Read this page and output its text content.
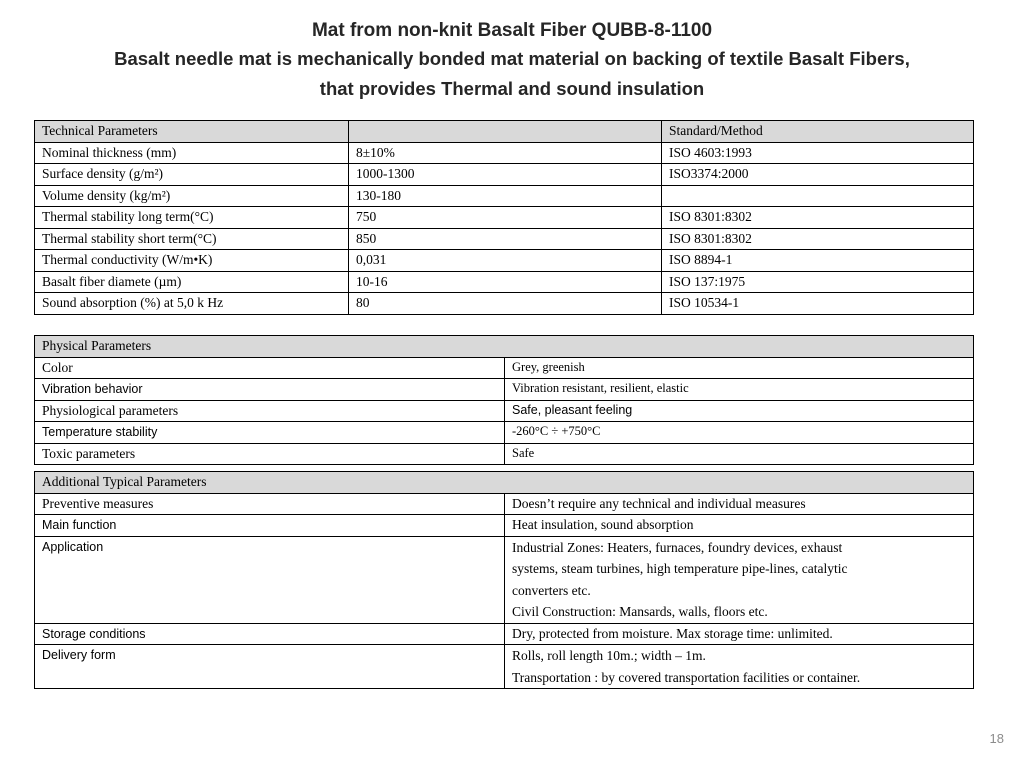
Mat from non-knit Basalt Fiber QUBB-8-1100
Basalt needle mat is mechanically bonded mat material on backing of textile Basalt Fibers,
that provides Thermal and sound insulation
Technical Parameters		Standard/Method
Nominal thickness (mm)	8±10%	ISO 4603:1993
Surface density (g/m²)	1000-1300	ISO3374:2000
Volume density (kg/m²)	130-180	
Thermal stability long term(°C)	750	ISO 8301:8302
Thermal stability short term(°C)	850	ISO 8301:8302
Thermal conductivity (W/m•K)	0,031	ISO 8894-1
Basalt fiber diamete (µm)	10-16	ISO 137:1975
Sound absorption (%) at 5,0 k Hz	80	ISO 10534-1
Physical Parameters	
Color	Grey, greenish
Vibration behavior	Vibration resistant, resilient, elastic
Physiological parameters	Safe, pleasant feeling
Temperature stability	-260°C ÷ +750°C
Toxic parameters	Safe
Additional Typical Parameters	
Preventive measures	Doesn’t require any technical and individual measures

Main function	Heat insulation, sound absorption

Application	Industrial Zones: Heaters, furnaces, foundry devices, exhaust
systems, steam turbines, high temperature pipe-lines, catalytic
converters etc.
Civil Construction: Mansards, walls, floors etc.

Storage conditions	Dry, protected from moisture. Max storage time: unlimited.

Delivery form	Rolls, roll length 10m.; width – 1m.
Transportation : by covered transportation facilities or container.
18
